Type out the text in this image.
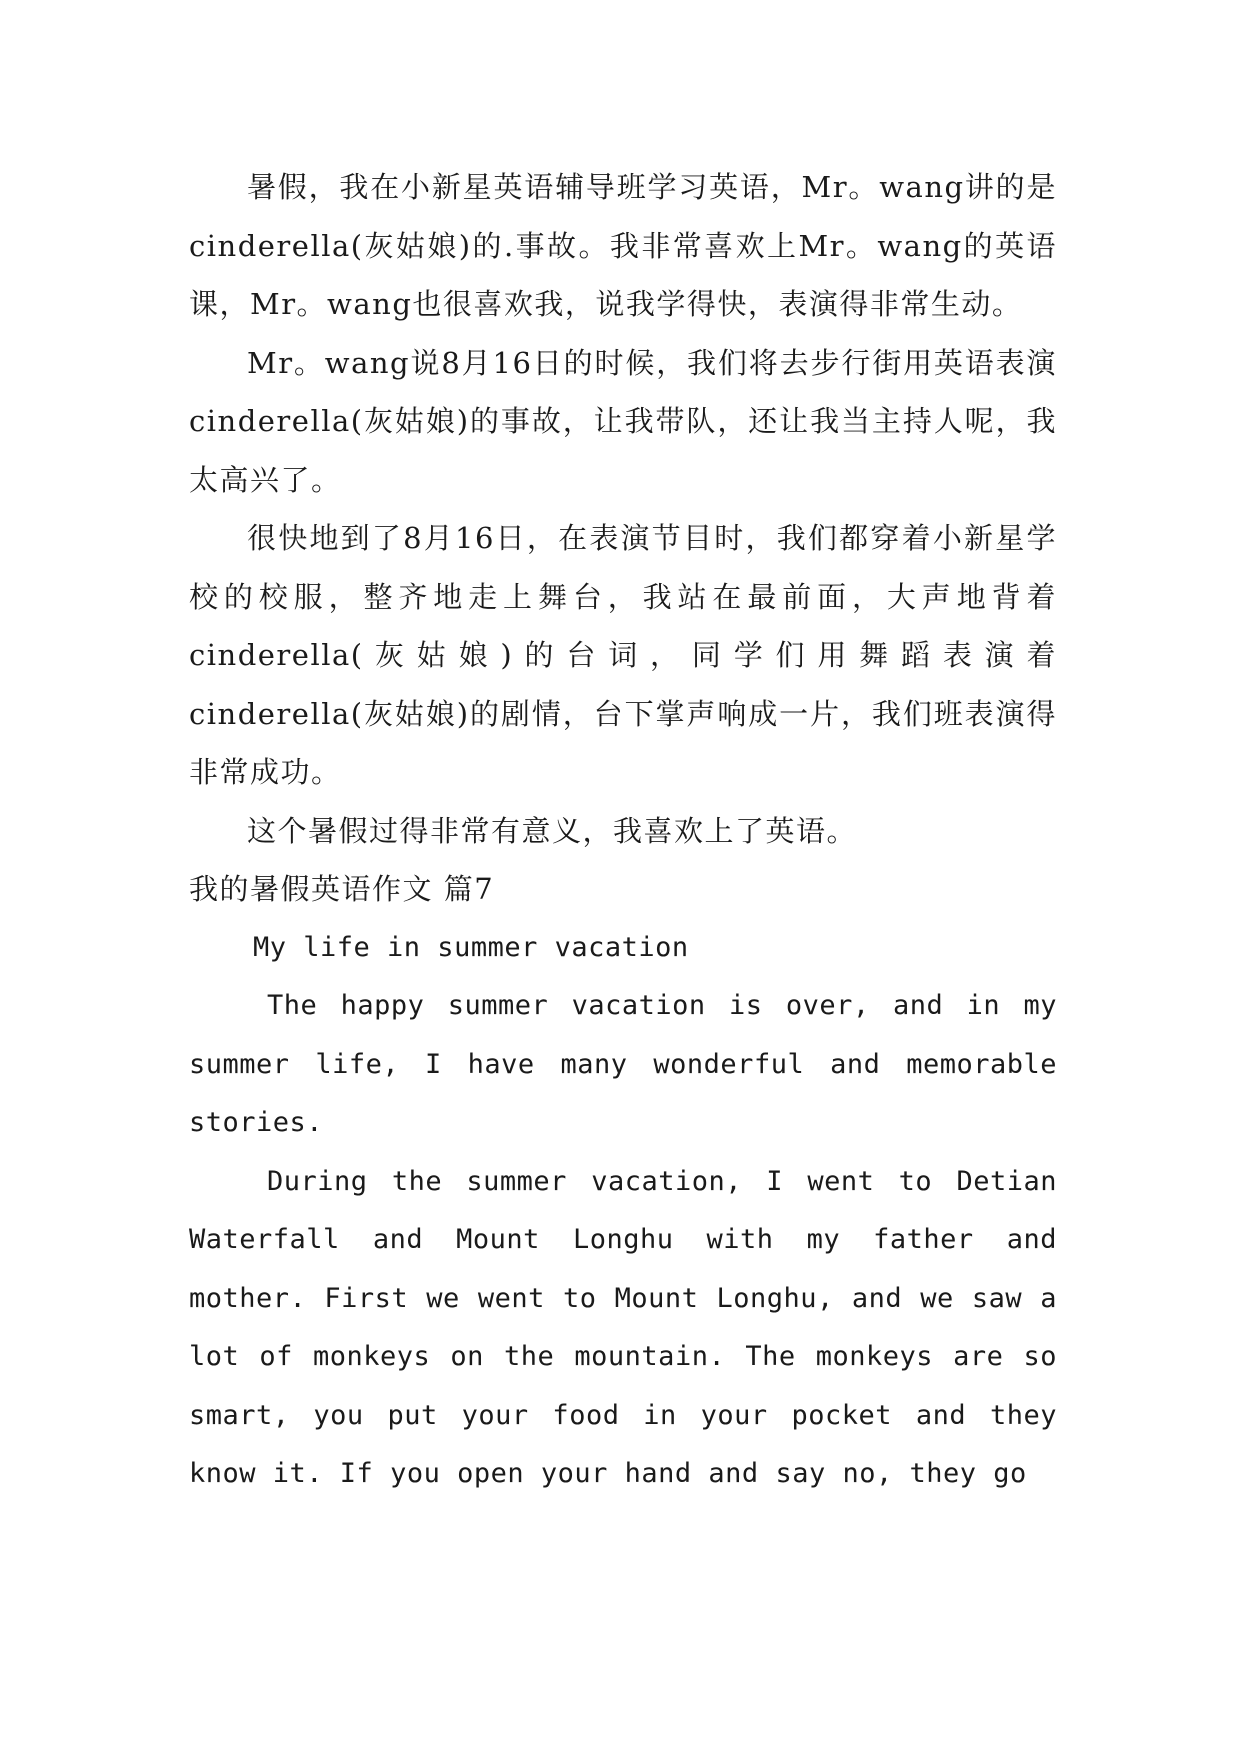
暑假，我在小新星英语辅导班学习英语，Mr。wang讲的是cinderella(灰姑娘)的.事故。我非常喜欢上Mr。wang的英语课，Mr。wang也很喜欢我，说我学得快，表演得非常生动。

Mr。wang说8月16日的时候，我们将去步行街用英语表演cinderella(灰姑娘)的事故，让我带队，还让我当主持人呢，我太高兴了。

很快地到了8月16日，在表演节目时，我们都穿着小新星学校的校服，整齐地走上舞台，我站在最前面，大声地背着cinderella(灰姑娘)的台词，同学们用舞蹈表演着cinderella(灰姑娘)的剧情，台下掌声响成一片，我们班表演得非常成功。

这个暑假过得非常有意义，我喜欢上了英语。

我的暑假英语作文 篇7

My life in summer vacation

The happy summer vacation is over, and in my summer life, I have many wonderful and memorable stories.

During the summer vacation, I went to Detian Waterfall and Mount Longhu with my father and mother. First we went to Mount Longhu, and we saw a lot of monkeys on the mountain. The monkeys are so smart, you put your food in your pocket and they know it. If you open your hand and say no, they go
